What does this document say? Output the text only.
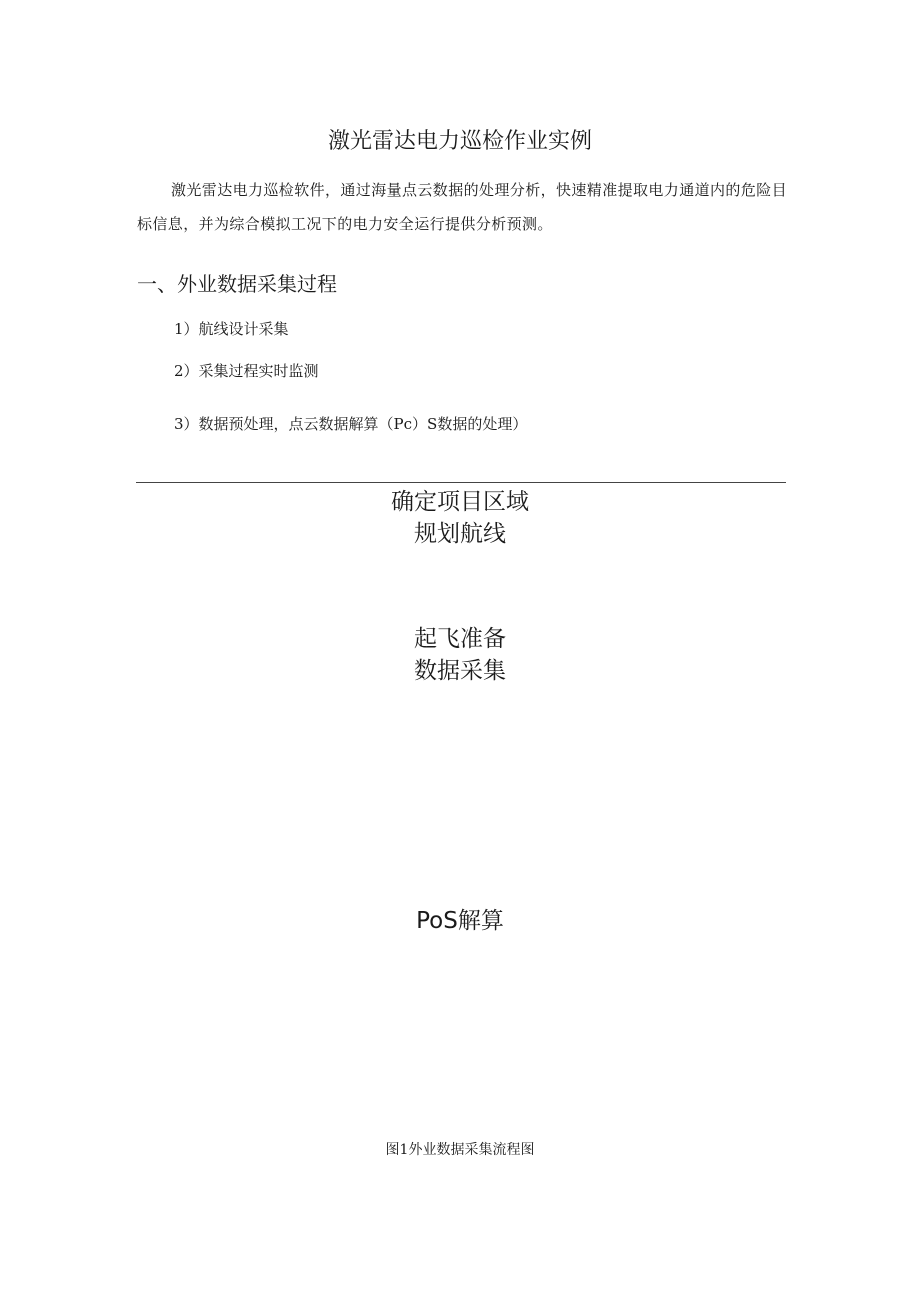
激光雷达电力巡检作业实例
激光雷达电力巡检软件，通过海量点云数据的处理分析，快速精准提取电力通道内的危险目标信息，并为综合模拟工况下的电力安全运行提供分析预测。
一、外业数据采集过程
1）航线设计采集
2）采集过程实时监测
3）数据预处理，点云数据解算（Pc）S数据的处理）
确定项目区域
规划航线
起飞准备
数据采集
PoS解算
图1外业数据采集流程图
